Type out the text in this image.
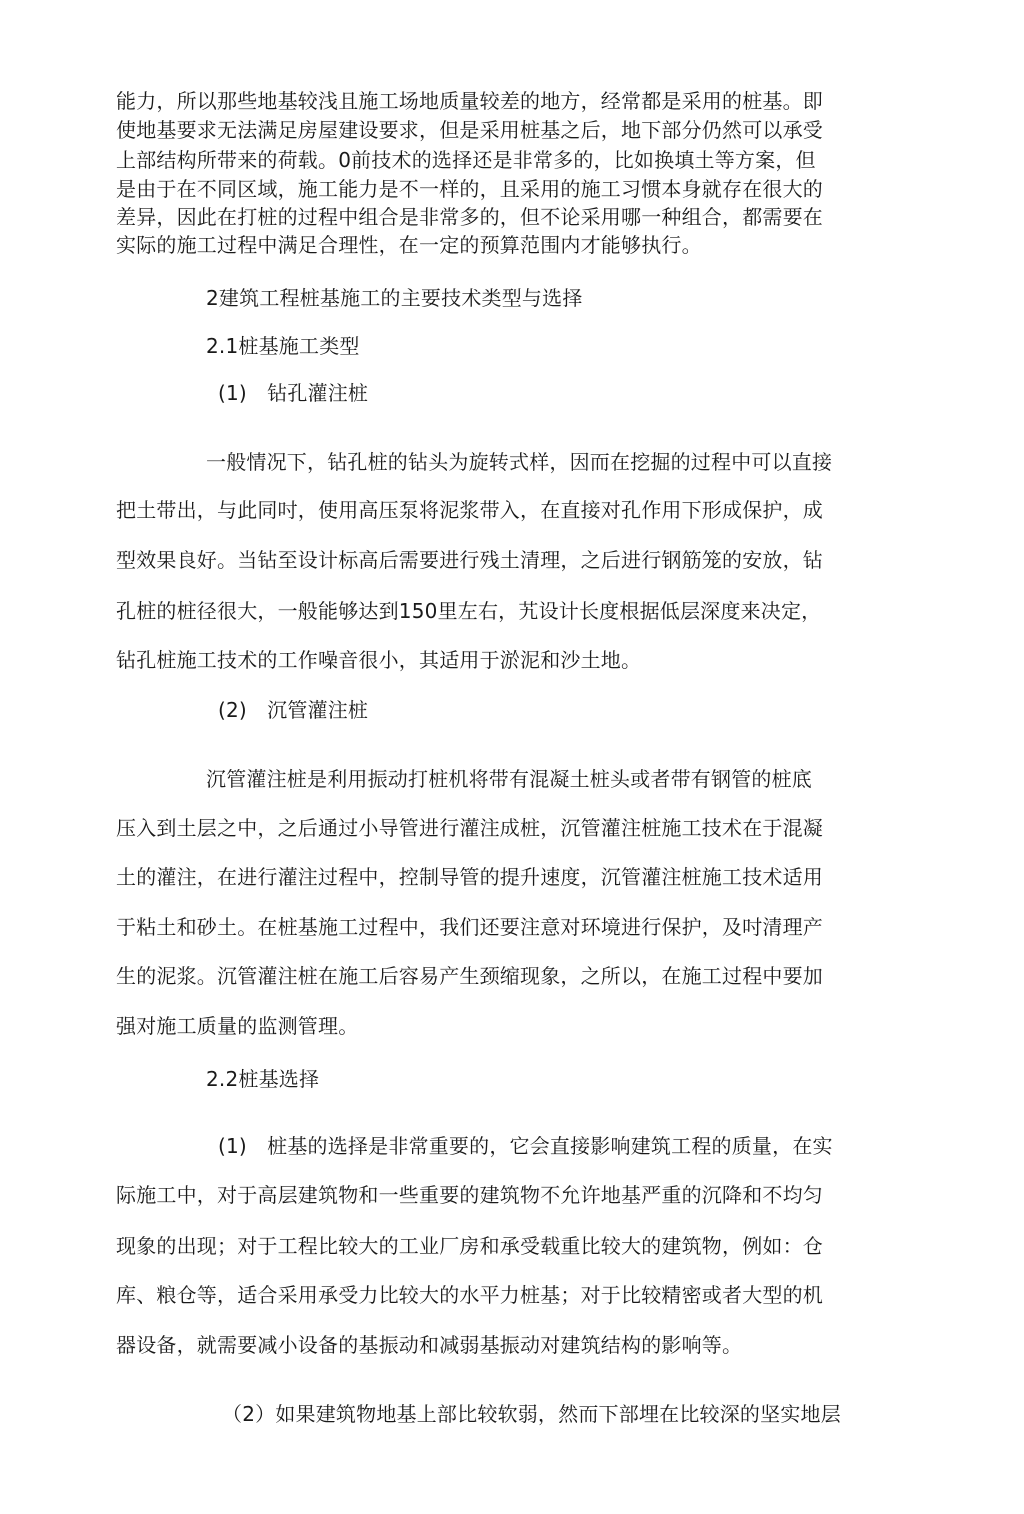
能力，所以那些地基较浅且施工场地质量较差的地方，经常都是采用的桩基。即
使地基要求无法满足房屋建设要求，但是采用桩基之后，地下部分仍然可以承受
上部结构所带来的荷载。0前技术的选择还是非常多的，比如换填土等方案，但
是由于在不同区域，施工能力是不一样的，且采用的施工习惯本身就存在很大的
差异，因此在打桩的过程中组合是非常多的，但不论采用哪一种组合，都需要在
实际的施工过程中满足合理性，在一定的预算范围内才能够执行。
2建筑工程桩基施工的主要技术类型与选择
2.1桩基施工类型
(1)　钻孔灌注桩
一般情况下，钻孔桩的钻头为旋转式样，因而在挖掘的过程中可以直接
把土带出，与此同吋，使用高压泵将泥浆带入，在直接对孔作用下形成保护，成
型效果良好。当钻至设计标高后需要进行残土清理，之后进行钢筋笼的安放，钻
孔桩的桩径很大，一般能够达到150里左右，艽设计长度根据低层深度来决定，
钻孔桩施工技术的工作噪音很小，其适用于淤泥和沙土地。
(2)　沉管灌注桩
沉管灌注桩是利用振动打桩机将带有混凝土桩头或者带有钢管的桩底
压入到土层之中，之后通过小导管进行灌注成桩，沉管灌注桩施工技术在于混凝
土的灌注，在进行灌注过程中，控制导管的提升速度，沉管灌注桩施工技术适用
于粘土和砂土。在桩基施工过程中，我们还要注意对环境进行保护，及吋清理产
生的泥浆。沉管灌注桩在施工后容易产生颈缩现象，之所以，在施工过程中要加
强对施工质量的监测管理。
2.2桩基选择
(1)　桩基的选择是非常重要的，它会直接影响建筑工程的质量，在实
际施工中，对于高层建筑物和一些重要的建筑物不允许地基严重的沉降和不均匀
现象的出现；对于工程比较大的工业厂房和承受载重比较大的建筑物，例如：仓
库、粮仓等，适合采用承受力比较大的水平力桩基；对于比较精密或者大型的机
器设备，就需要减小设备的基振动和减弱基振动对建筑结构的影响等。
（2）如果建筑物地基上部比较软弱，然而下部埋在比较深的坚实地层
